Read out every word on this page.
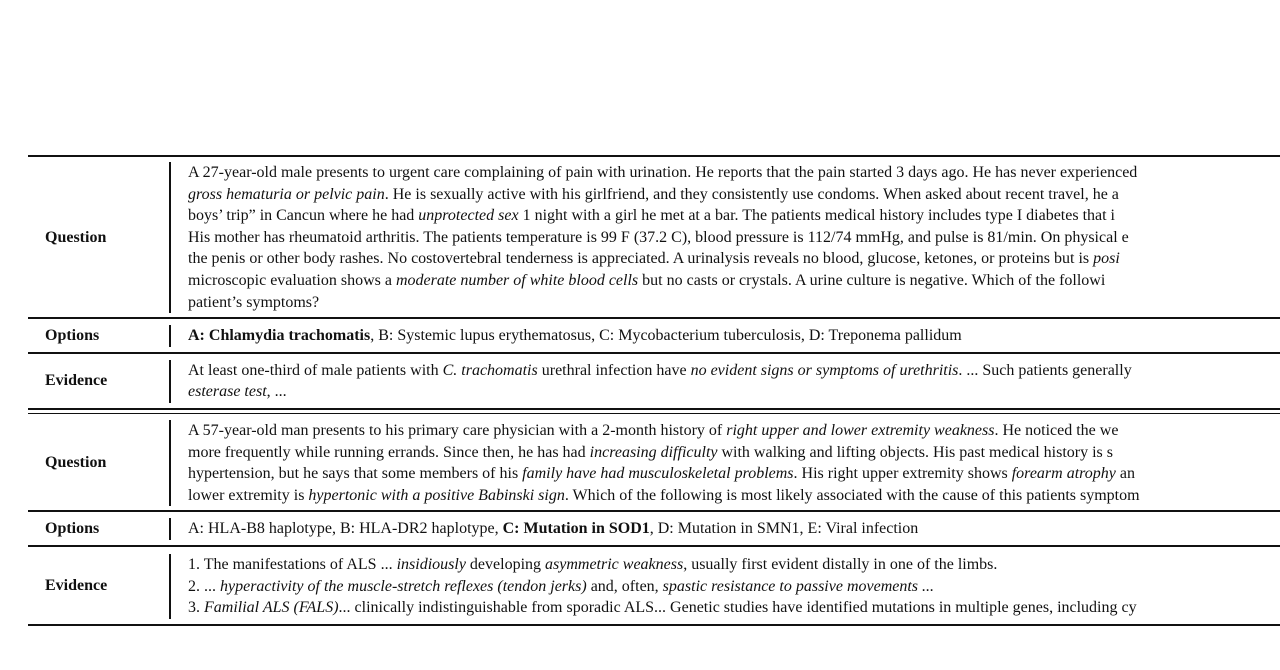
Question
A 27-year-old male presents to urgent care complaining of pain with urination. He reports that the pain started 3 days ago. He has never experienced
gross hematuria or pelvic pain. He is sexually active with his girlfriend, and they consistently use condoms. When asked about recent travel, he a
boys’ trip” in Cancun where he had unprotected sex 1 night with a girl he met at a bar. The patients medical history includes type I diabetes that i
His mother has rheumatoid arthritis. The patients temperature is 99 F (37.2 C), blood pressure is 112/74 mmHg, and pulse is 81/min. On physical e
the penis or other body rashes. No costovertebral tenderness is appreciated. A urinalysis reveals no blood, glucose, ketones, or proteins but is posi
microscopic evaluation shows a moderate number of white blood cells but no casts or crystals. A urine culture is negative. Which of the followi
patient’s symptoms?
Options	A: Chlamydia trachomatis, B: Systemic lupus erythematosus, C: Mycobacterium tuberculosis, D: Treponema pallidum
Evidence
At least one-third of male patients with C. trachomatis urethral infection have no evident signs or symptoms of urethritis. ... Such patients generally
esterase test, ...
Question
A 57-year-old man presents to his primary care physician with a 2-month history of right upper and lower extremity weakness. He noticed the we
more frequently while running errands. Since then, he has had increasing difficulty with walking and lifting objects. His past medical history is s
hypertension, but he says that some members of his family have had musculoskeletal problems. His right upper extremity shows forearm atrophy an
lower extremity is hypertonic with a positive Babinski sign. Which of the following is most likely associated with the cause of this patients symptom
Options	A: HLA-B8 haplotype, B: HLA-DR2 haplotype, C: Mutation in SOD1, D: Mutation in SMN1, E: Viral infection
Evidence
1. The manifestations of ALS ... insidiously developing asymmetric weakness, usually first evident distally in one of the limbs.
2. ... hyperactivity of the muscle-stretch reflexes (tendon jerks) and, often, spastic resistance to passive movements ...
3. Familial ALS (FALS)... clinically indistinguishable from sporadic ALS... Genetic studies have identified mutations in multiple genes, including cy
